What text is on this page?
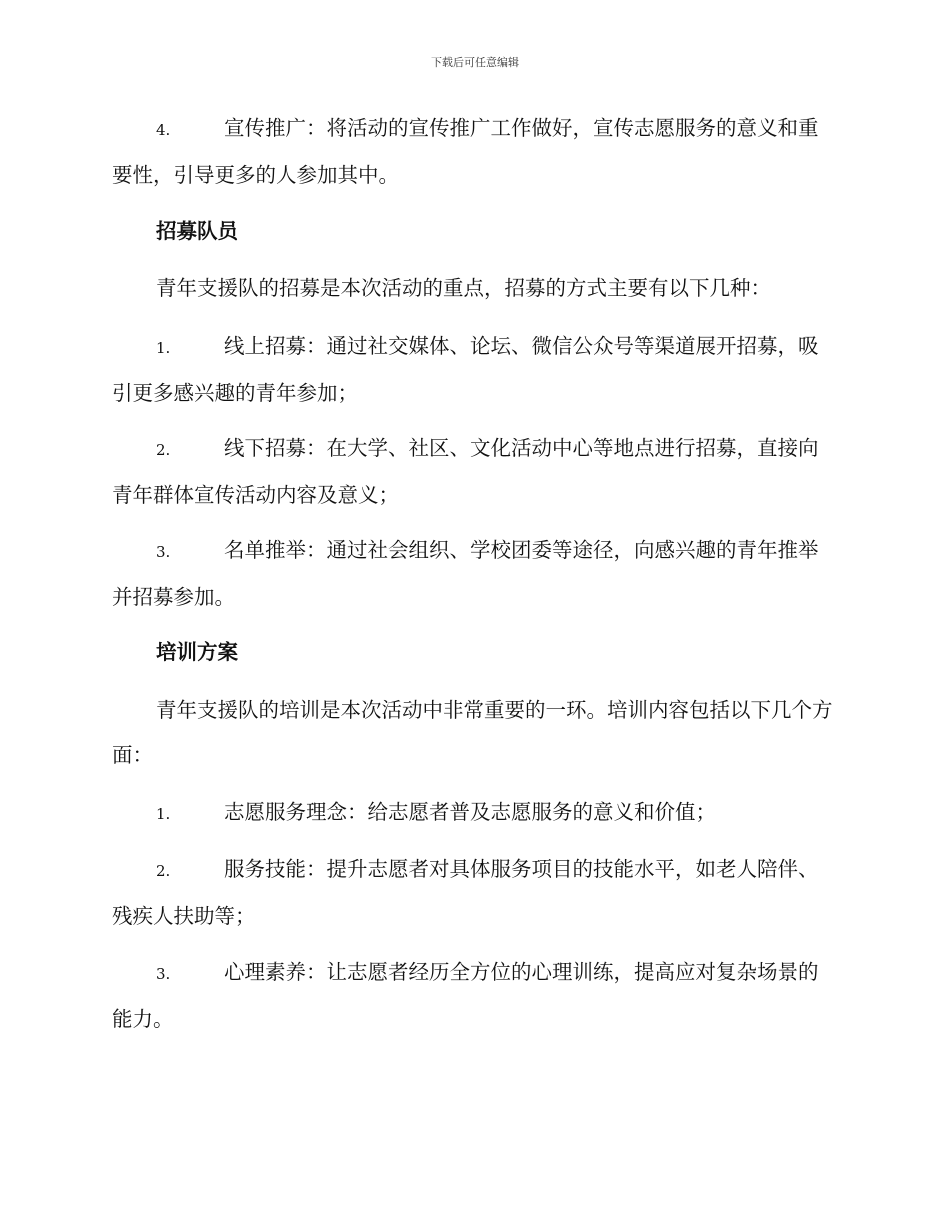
下载后可任意编辑
4.	宣传推广：将活动的宣传推广工作做好，宣传志愿服务的意义和重要性，引导更多的人参加其中。
招募队员
青年支援队的招募是本次活动的重点，招募的方式主要有以下几种：
1.	线上招募：通过社交媒体、论坛、微信公众号等渠道展开招募，吸引更多感兴趣的青年参加；
2.	线下招募：在大学、社区、文化活动中心等地点进行招募，直接向青年群体宣传活动内容及意义；
3.	名单推举：通过社会组织、学校团委等途径，向感兴趣的青年推举并招募参加。
培训方案
青年支援队的培训是本次活动中非常重要的一环。培训内容包括以下几个方面：
1.	志愿服务理念：给志愿者普及志愿服务的意义和价值；
2.	服务技能：提升志愿者对具体服务项目的技能水平，如老人陪伴、残疾人扶助等；
3.	心理素养：让志愿者经历全方位的心理训练，提高应对复杂场景的能力。
